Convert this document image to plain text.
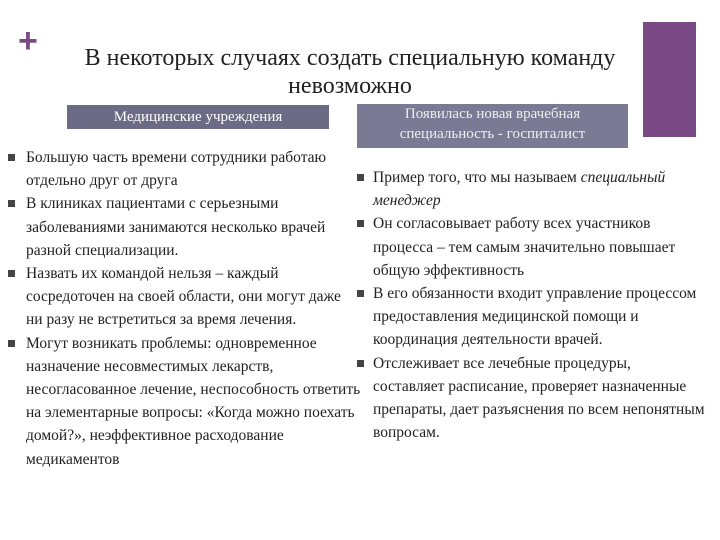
+	В некоторых случаях создать специальную команду невозможно
Медицинские учреждения	Появилась новая врачебная специальность - госпиталист
Большую часть времени сотрудники работаю отдельно друг от друга
В клиниках пациентами с серьезными заболеваниями занимаются несколько врачей разной специализации.
Назвать их командой нельзя – каждый сосредоточен на своей области, они могут даже ни разу не встретиться за время лечения.
Могут возникать проблемы: одновременное назначение несовместимых лекарств, несогласованное лечение, неспособность ответить на элементарные вопросы: «Когда можно поехать домой?», неэффективное расходование медикаментов
Пример того, что мы называем специальный менеджер
Он согласовывает работу всех участников процесса – тем самым значительно повышает общую эффективность
В его обязанности входит управление процессом предоставления медицинской помощи и координация деятельности врачей.
Отслеживает все лечебные процедуры, составляет расписание, проверяет назначенные препараты, дает разъяснения по всем непонятным вопросам.
